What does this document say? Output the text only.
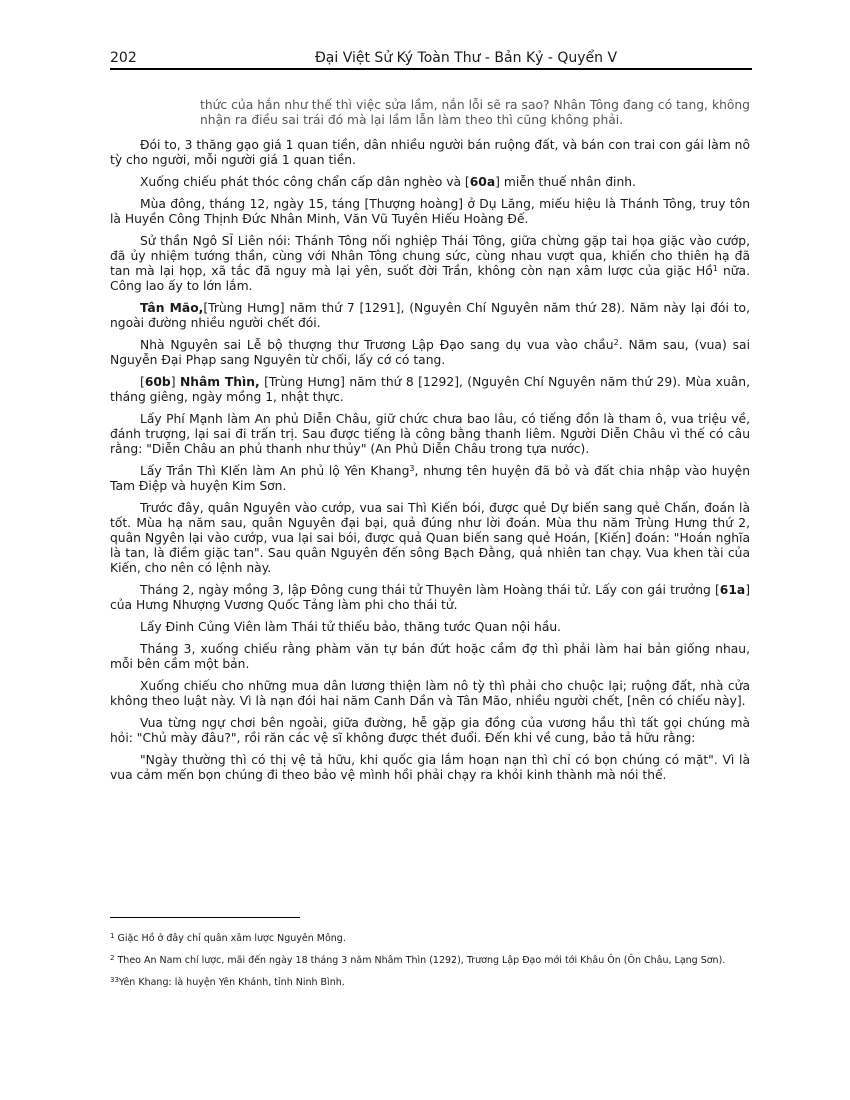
202	Đại Việt Sử Ký Toàn Thư - Bản Kỷ - Quyển V

thức của hắn như thế thì việc sửa lầm, nắn lỗi sẽ ra sao? Nhân Tông đang có tang, không nhận ra điều sai trái đó mà lại lầm lẫn làm theo thì cũng không phải.

Đói to, 3 thăng gạo giá 1 quan tiền, dân nhiều người bán ruộng đất, và bán con trai con gái làm nô tỳ cho người, mỗi người giá 1 quan tiền.

Xuống chiếu phát thóc công chẩn cấp dân nghèo và [60a] miễn thuế nhân đinh.

Mùa đông, tháng 12, ngày 15, táng [Thượng hoàng] ở Dụ Lăng, miếu hiệu là Thánh Tông, truy tôn là Huyền Công Thịnh Đức Nhân Minh, Văn Vũ Tuyên Hiếu Hoàng Đế.

Sử thần Ngô SĨ Liên nói: Thánh Tông nối nghiệp Thái Tông, giữa chừng gặp tai họa giặc vào cướp, đã ủy nhiệm tướng thần, cùng với Nhân Tông chung sức, cùng nhau vượt qua, khiến cho thiên hạ đã tan mà lại họp, xã tắc đã nguy mà lại yên, suốt đời Trần, không còn nạn xâm lược của giặc Hồ$^1$ nữa. Công lao ấy to lớn lắm.

Tân Mão,[Trùng Hưng] năm thứ 7 [1291], (Nguyên Chí Nguyên năm thứ 28). Năm này lại đói to, ngoài đường nhiều người chết đói.

Nhà Nguyên sai Lễ bộ thượng thư Trương Lập Đạo sang dụ vua vào chầu$^2$. Năm sau, (vua) sai Nguyễn Đại Phạp sang Nguyên từ chối, lấy cớ có tang.

[60b] Nhâm Thìn, [Trùng Hưng] năm thứ 8 [1292], (Nguyên Chí Nguyên năm thứ 29). Mùa xuân, tháng giêng, ngày mồng 1, nhật thực.

Lấy Phí Mạnh làm An phủ Diễn Châu, giữ chức chưa bao lâu, có tiếng đồn là tham ô, vua triệu về, đánh trượng, lại sai đi trấn trị. Sau được tiếng là công bằng thanh liêm. Người Diễn Châu vì thế có câu rằng: "Diễn Châu an phủ thanh như thủy" (An Phủ Diễn Châu trong tựa nước).

Lấy Trần Thì KIến làm An phủ lộ Yên Khang$^3$, nhưng tên huyện đã bỏ và đất chia nhập vào huyện Tam Điệp và huyện Kim Sơn.

Trước đây, quân Nguyên vào cướp, vua sai Thì Kiến bói, được quẻ Dự biến sang quẻ Chấn, đoán là tốt. Mùa hạ năm sau, quân Nguyên đại bại, quả đúng như lời đoán. Mùa thu năm Trùng Hưng thứ 2, quân Ngyên lại vào cướp, vua lại sai bói, được quả Quan biến sang quẻ Hoán, [Kiến] đoán: "Hoán nghĩa là tan, là điềm giặc tan". Sau quân Nguyên đến sông Bạch Đằng, quả nhiên tan chạy. Vua khen tài của Kiến, cho nên có lệnh này.

Tháng 2, ngày mồng 3, lập Đông cung thái tử Thuyên làm Hoàng thái tử. Lấy con gái trưởng [61a] của Hưng Nhượng Vương Quốc Tảng làm phi cho thái tử.

Lấy Đinh Củng Viên làm Thái tử thiếu bảo, thăng tước Quan nội hầu.

Tháng 3, xuống chiếu rằng phàm văn tự bán đứt hoặc cầm đợ thì phải làm hai bản giống nhau, mỗi bên cầm một bản.

Xuống chiếu cho những mua dân lương thiện làm nô tỳ thì phải cho chuộc lại; ruộng đất, nhà cửa không theo luật này. Vì là nạn đói hai năm Canh Dần và Tân Mão, nhiều người chết, [nên có chiếu này].

Vua từng ngự chơi bên ngoài, giữa đường, hễ gặp gia đồng của vương hầu thì tất gọi chúng mà hỏi: "Chủ mày đâu?", rồi răn các vệ sĩ không được thét đuổi. Đến khi về cung, bảo tả hữu rằng:

"Ngày thường thì có thị vệ tả hữu, khi quốc gia lắm hoạn nạn thì chỉ có bọn chúng có mặt". Vì là vua cảm mến bọn chúng đi theo bảo vệ mình hồi phải chạy ra khỏi kinh thành mà nói thế.

$^1$ Giặc Hồ ở đây chỉ quân xâm lược Nguyên Mông.
$^2$ Theo An Nam chí lược, mãi đến ngày 18 tháng 3 năm Nhâm Thìn (1292), Trương Lập Đạo mới tới Khâu Ôn (Ôn Châu, Lạng Sơn).
$^{33}$Yên Khang: là huyện Yên Khánh, tỉnh Ninh Bình.
